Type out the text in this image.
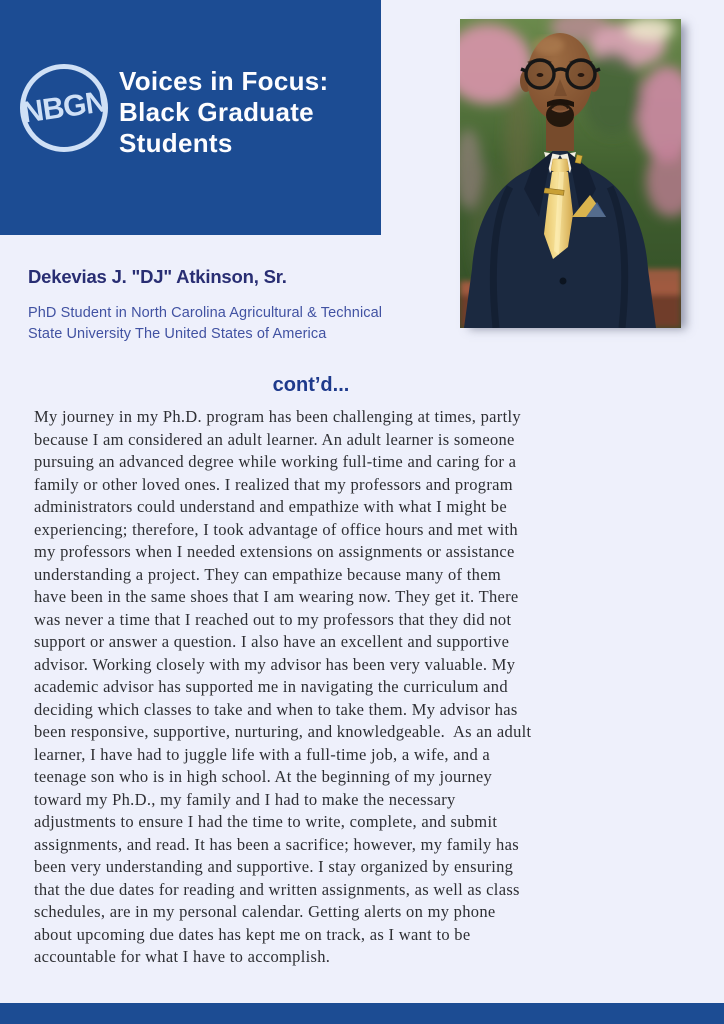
NBGN
Voices in Focus:
Black Graduate
Students
Dekevias J. "DJ" Atkinson, Sr.
PhD Student in North Carolina Agricultural & Technical
State University The United States of America
cont’d...
My journey in my Ph.D. program has been challenging at times, partly
because I am considered an adult learner. An adult learner is someone
pursuing an advanced degree while working full-time and caring for a
family or other loved ones. I realized that my professors and program
administrators could understand and empathize with what I might be
experiencing; therefore, I took advantage of office hours and met with
my professors when I needed extensions on assignments or assistance
understanding a project. They can empathize because many of them
have been in the same shoes that I am wearing now. They get it. There
was never a time that I reached out to my professors that they did not
support or answer a question. I also have an excellent and supportive
advisor. Working closely with my advisor has been very valuable. My
academic advisor has supported me in navigating the curriculum and
deciding which classes to take and when to take them. My advisor has
been responsive, supportive, nurturing, and knowledgeable.  As an adult
learner, I have had to juggle life with a full-time job, a wife, and a
teenage son who is in high school. At the beginning of my journey
toward my Ph.D., my family and I had to make the necessary
adjustments to ensure I had the time to write, complete, and submit
assignments, and read. It has been a sacrifice; however, my family has
been very understanding and supportive. I stay organized by ensuring
that the due dates for reading and written assignments, as well as class
schedules, are in my personal calendar. Getting alerts on my phone
about upcoming due dates has kept me on track, as I want to be
accountable for what I have to accomplish.
